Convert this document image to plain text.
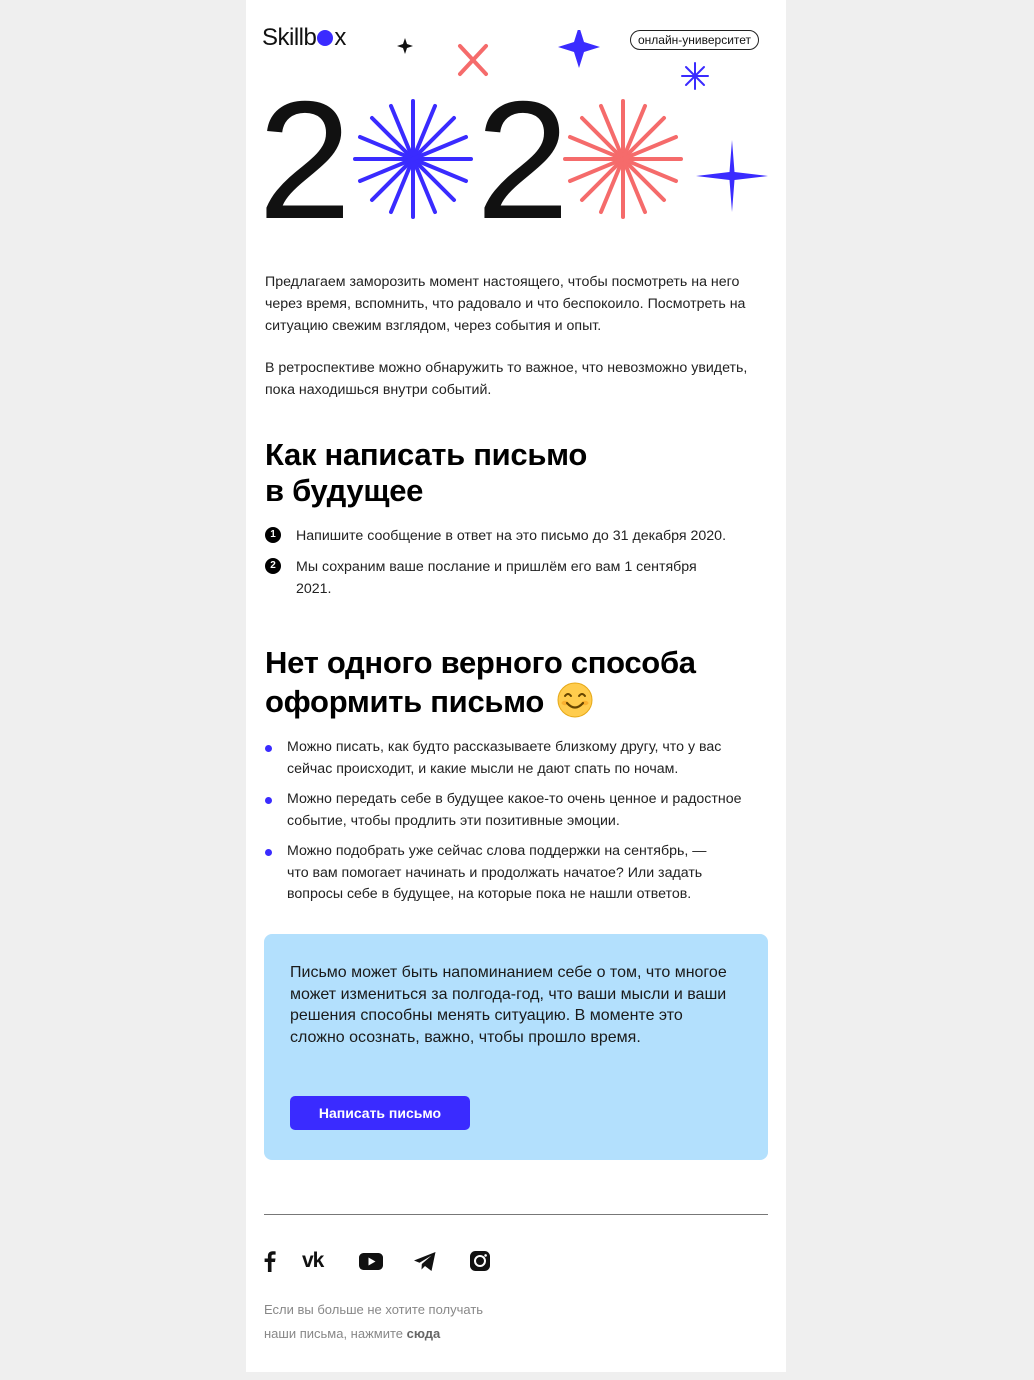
Skillb x	онлайн-университет
2 2

Предлагаем заморозить момент настоящего, чтобы посмотреть на него через время, вспомнить, что радовало и что беспокоило. Посмотреть на ситуацию свежим взглядом, через события и опыт.

В ретроспективе можно обнаружить то важное, что невозможно увидеть, пока находишься внутри событий.

Как написать письмо
в будущее
1	Напишите сообщение в ответ на это письмо до 31 декабря 2020.

2	Мы сохраним ваше послание и пришлём его вам 1 сентября 2021.

Нет одного верного способа
оформить письмо

Можно писать, как будто рассказываете близкому другу, что у вас сейчас происходит, и какие мысли не дают спать по ночам.

Можно передать себе в будущее какое-то очень ценное и радостное событие, чтобы продлить эти позитивные эмоции.

Можно подобрать уже сейчас слова поддержки на сентябрь, — что вам помогает начинать и продолжать начатое? Или задать вопросы себе в будущее, на которые пока не нашли ответов.

Письмо может быть напоминанием себе о том, что многое может измениться за полгода-год, что ваши мысли и ваши решения способны менять ситуацию. В моменте это сложно осознать, важно, чтобы прошло время.

Написать письмо
vk
Если вы больше не хотите получать
наши письма, нажмите сюда
